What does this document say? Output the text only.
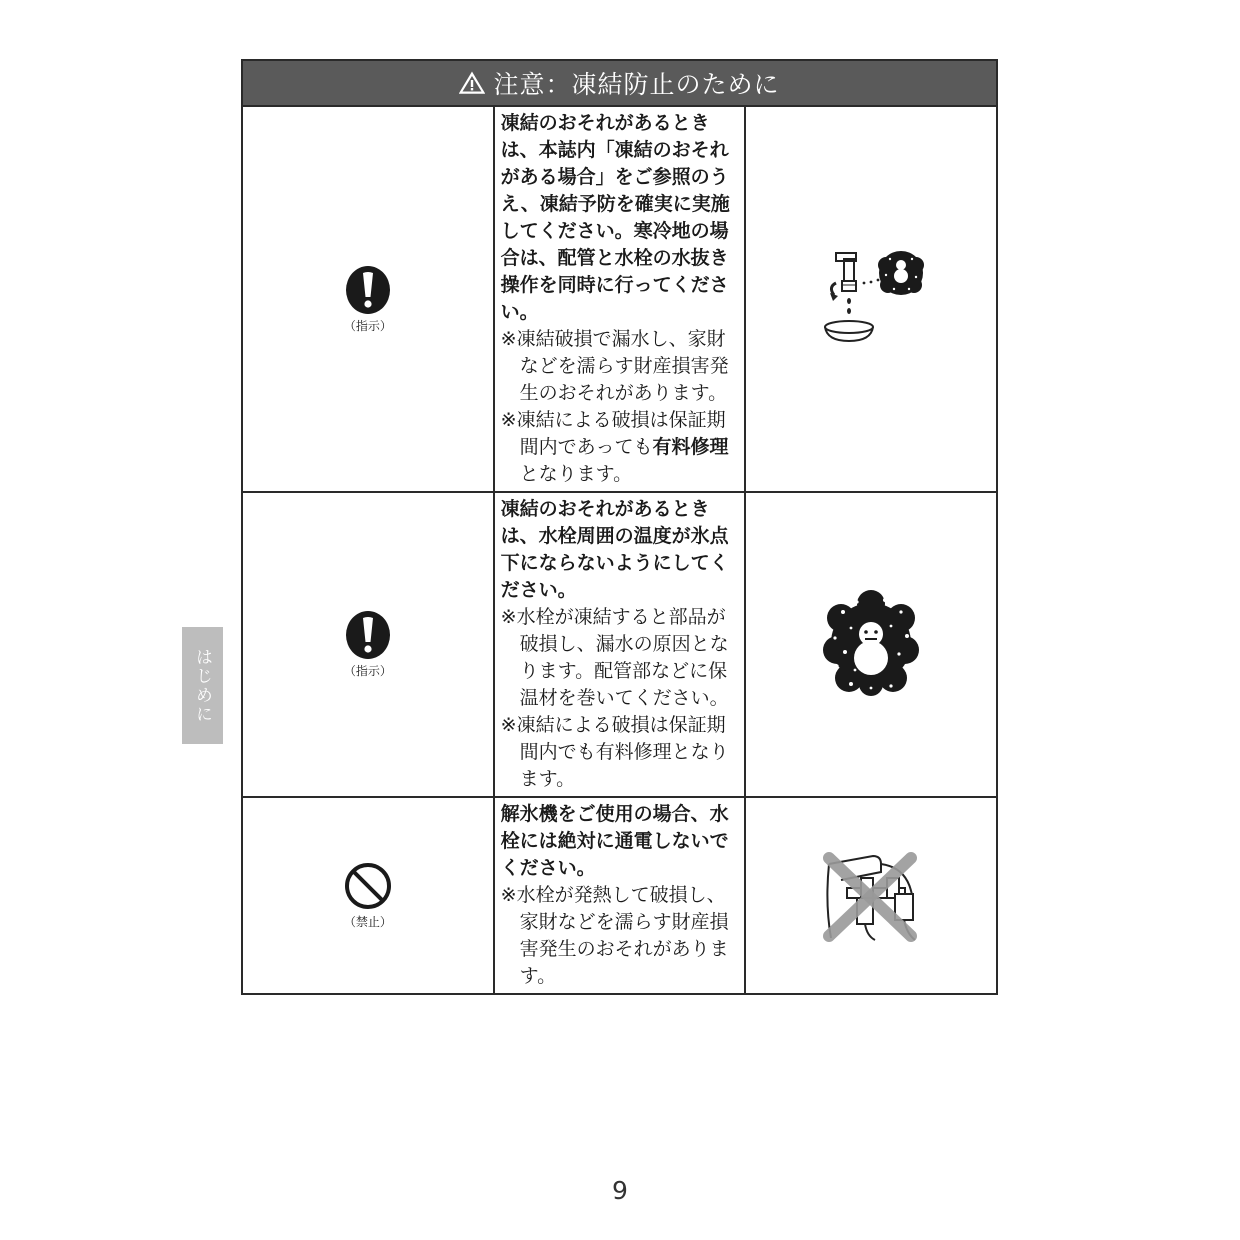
注意：凍結防止のために		

（指示）	凍結のおそれがあるときは、本誌内「凍結のおそれがある場合」をご参照のうえ、凍結予防を確実に実施してください。寒冷地の場合は、配管と水栓の水抜き操作を同時に行ってください。
※凍結破損で漏水し、家財などを濡らす財産損害発生のおそれがあります。
※凍結による破損は保証期間内であっても有料修理となります。

（指示）	凍結のおそれがあるときは、水栓周囲の温度が氷点下にならないようにしてください。
※水栓が凍結すると部品が破損し、漏水の原因となります。配管部などに保温材を巻いてください。
※凍結による破損は保証期間内でも有料修理となります。

（禁止）	解氷機をご使用の場合、水栓には絶対に通電しないでください。
※水栓が発熱して破損し、家財などを濡らす財産損害発生のおそれがあります。

はじめに
9
